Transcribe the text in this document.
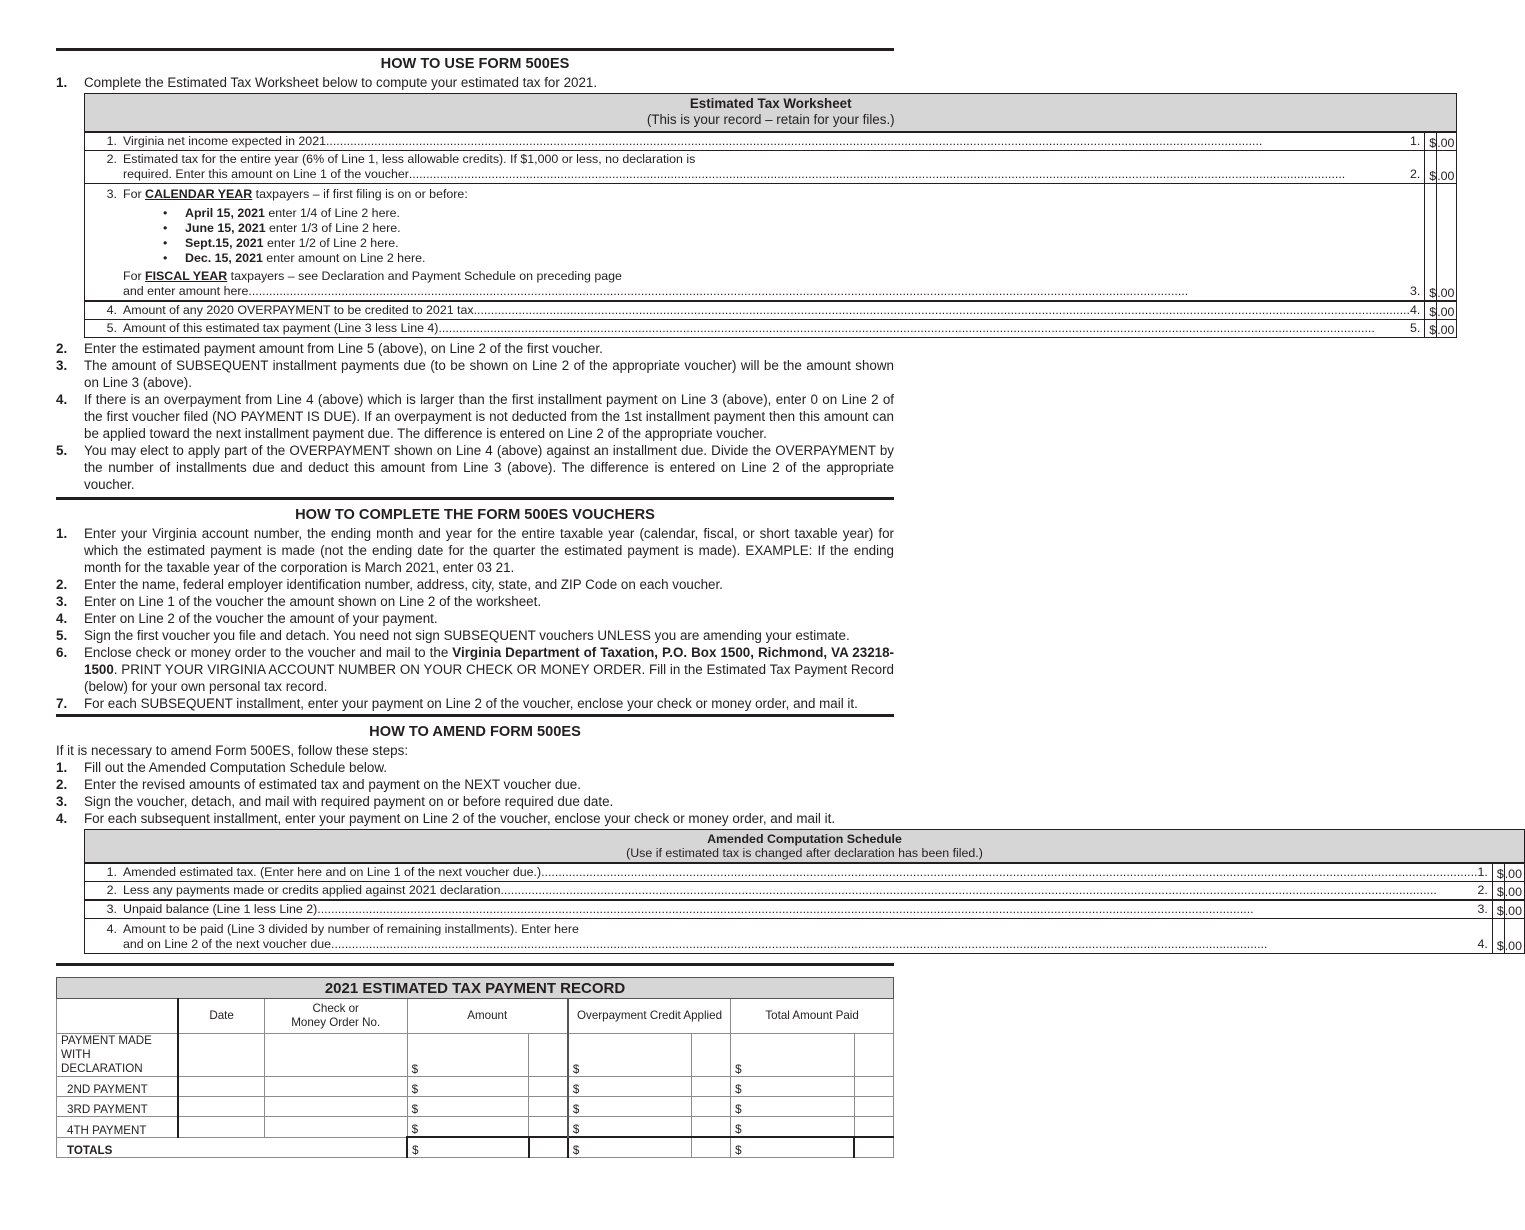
HOW TO USE FORM 500ES
1.	Complete the Estimated Tax Worksheet below to compute your estimated tax for 2021.
Estimated Tax Worksheet
(This is your record – retain for your files.)		

1. Virginia net income expected in 2021 ..... 1.	$	.00

2. Estimated tax for the entire year (6% of Line 1, less allowable credits). If $1,000 or less, no declaration is
required. Enter this amount on Line 1 of the voucher ..... 2.	$	.00

3. For CALENDAR YEAR taxpayers – if first filing is on or before:
•	April 15, 2021 enter 1/4 of Line 2 here.
•	June 15, 2021 enter 1/3 of Line 2 here.
•	Sept.15, 2021 enter 1/2 of Line 2 here.
•	Dec. 15, 2021 enter amount on Line 2 here.
For FISCAL YEAR taxpayers – see Declaration and Payment Schedule on preceding page
and enter amount here. .....	3.	$	.00

4. Amount of any 2020 OVERPAYMENT to be credited to 2021 tax ..... 4.	$	.00

5. Amount of this estimated tax payment (Line 3 less Line 4) ..... 5.	$	.00
2.	Enter the estimated payment amount from Line 5 (above), on Line 2 of the first voucher.
3.	The amount of SUBSEQUENT installment payments due (to be shown on Line 2 of the appropriate voucher) will be the amount shown on Line 3 (above).
4.	If there is an overpayment from Line 4 (above) which is larger than the first installment payment on Line 3 (above), enter 0 on Line 2 of the first voucher filed (NO PAYMENT IS DUE). If an overpayment is not deducted from the 1st installment payment then this amount can be applied toward the next installment payment due. The difference is entered on Line 2 of the appropriate voucher.
5.	You may elect to apply part of the OVERPAYMENT shown on Line 4 (above) against an installment due. Divide the OVERPAYMENT by the number of installments due and deduct this amount from Line 3 (above). The difference is entered on Line 2 of the appropriate voucher.
HOW TO COMPLETE THE FORM 500ES VOUCHERS
1.	Enter your Virginia account number, the ending month and year for the entire taxable year (calendar, fiscal, or short taxable year) for which the estimated payment is made (not the ending date for the quarter the estimated payment is made). EXAMPLE: If the ending month for the taxable year of the corporation is March 2021, enter 03 21.
2.	Enter the name, federal employer identification number, address, city, state, and ZIP Code on each voucher.
3.	Enter on Line 1 of the voucher the amount shown on Line 2 of the worksheet.
4.	Enter on Line 2 of the voucher the amount of your payment.
5.	Sign the first voucher you file and detach. You need not sign SUBSEQUENT vouchers UNLESS you are amending your estimate.
6.	Enclose check or money order to the voucher and mail to the Virginia Department of Taxation, P.O. Box 1500, Richmond, VA 23218-1500. PRINT YOUR VIRGINIA ACCOUNT NUMBER ON YOUR CHECK OR MONEY ORDER. Fill in the Estimated Tax Payment Record (below) for your own personal tax record.
7.	For each SUBSEQUENT installment, enter your payment on Line 2 of the voucher, enclose your check or money order, and mail it.
HOW TO AMEND FORM 500ES
If it is necessary to amend Form 500ES, follow these steps:
1.	Fill out the Amended Computation Schedule below.
2.	Enter the revised amounts of estimated tax and payment on the NEXT voucher due.
3.	Sign the voucher, detach, and mail with required payment on or before required due date.
4.	For each subsequent installment, enter your payment on Line 2 of the voucher, enclose your check or money order, and mail it.
Amended Computation Schedule
(Use if estimated tax is changed after declaration has been filed.)		

1. Amended estimated tax. (Enter here and on Line 1 of the next voucher due.) ..... 1.	$	.00

2. Less any payments made or credits applied against 2021 declaration ..... 2.	$	.00

3. Unpaid balance (Line 1 less Line 2) ..... 3.	$	.00

4. Amount to be paid (Line 3 divided by number of remaining installments). Enter here
and on Line 2 of the next voucher due ..... 4.	$	.00
2021 ESTIMATED TAX PAYMENT RECORD								
	Date	Check or
Money Order No.	Amount		Overpayment Credit Applied		Total Amount Paid	

PAYMENT MADE
WITH DECLARATION			$		$		$	
2ND PAYMENT			$		$		$	
3RD PAYMENT			$		$		$	
4TH PAYMENT			$		$		$	
TOTALS			$		$		$	
